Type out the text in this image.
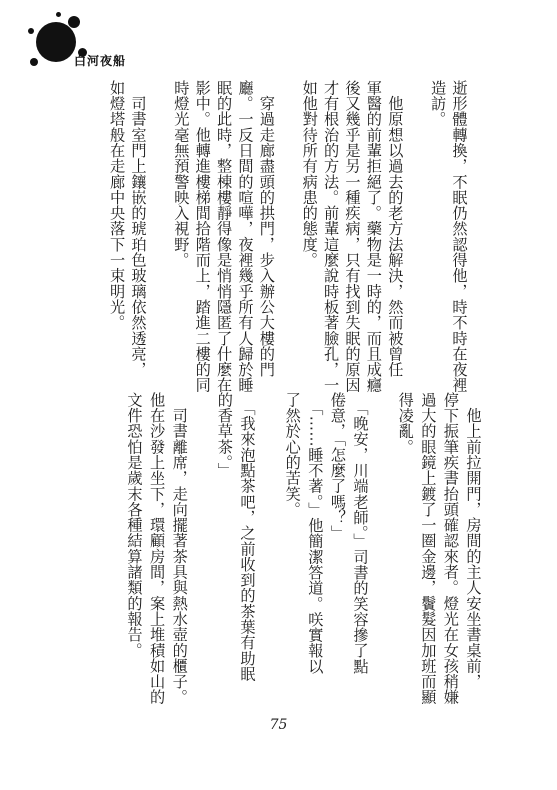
白河夜船
逝形體轉換，不眠仍然認得他，時不時在夜裡
造訪。
　他原想以過去的老方法解決，然而被曾任
軍醫的前輩拒絕了。藥物是一時的，而且成癮
後又幾乎是另一種疾病，只有找到失眠的原因
才有根治的方法。前輩這麼說時板著臉孔，一
如他對待所有病患的態度。
　穿過走廊盡頭的拱門，步入辦公大樓的門
廳。一反日間的喧嘩，夜裡幾乎所有人歸於睡
眠的此時，整棟樓靜得像是悄悄隱匿了什麼在
影中。他轉進樓梯間拾階而上，踏進二樓的同
時燈光毫無預警映入視野。
　司書室門上鑲嵌的琥珀色玻璃依然透亮，
如燈塔般在走廊中央落下一束明光。
　他上前拉開門，房間的主人安坐書桌前，
停下振筆疾書抬頭確認來者。燈光在女孩稍嫌
過大的眼鏡上鍍了一圈金邊，鬢髮因加班而顯
得凌亂。
　「晚安，川端老師。」司書的笑容摻了點
倦意，「怎麼了嗎？」
　「……睡不著。」他簡潔答道。咲實報以
了然於心的苦笑。
　「我來泡點茶吧，之前收到的茶葉有助眠
的香草茶。」
　司書離席，走向擺著茶具與熱水壺的櫃子。
他在沙發上坐下，環顧房間，案上堆積如山的
文件恐怕是歲末各種結算諸類的報告。
75
